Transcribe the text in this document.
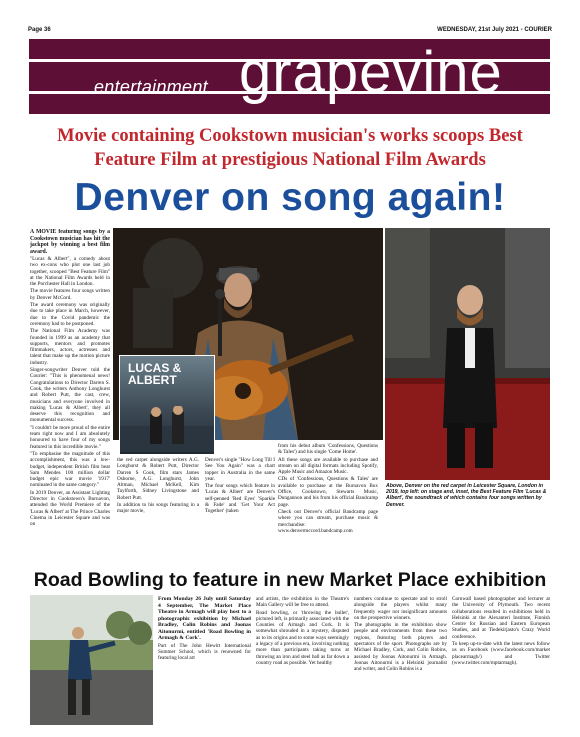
Page 36	WEDNESDAY, 21st July 2021 - COURIER
entertainment grapevine
Movie containing Cookstown musician's works scoops Best Feature Film at prestigious National Film Awards
Denver on song again!

A MOVIE featuring songs by a Cookstown musician has hit the jackpot by winning a best film award.

"Lucas & Albert", a comedy about two ex-cons who plot one last job together, scooped "Best Feature Film" at the National Film Awards held in the Porchester Hall in London.

The movie features four songs written by Denver McCord.

The award ceremony was originally due to take place in March, however, due to the Covid pandemic the ceremony had to be postponed.

The National Film Academy was founded in 1999 as an academy that supports, mentors and promotes filmmakers, actors, actresses and talent that make up the motion picture industry.

Singer-songwriter Denver told the Courier: "This is phenomenal news! Congratulations to Director Darren S. Cook, the writers Anthony Longhurst and Robert Putt, the cast, crew, musicians and everyone involved in making 'Lucas & Albert', they all deserve this recognition and monumental success.

"I couldn't be more proud of the entire team right now and I am absolutely honoured to have four of my songs featured in this incredible movie."

"To emphasise the magnitude of this accomplishment, this was a low-budget, independent British film beat Sam Mendes 100 million dollar budget epic war movie '1917' nominated in the same category."

In 2019 Denver, an Assistant Lighting Director in Cookstown's Burnavon, attended the World Premiere of the 'Lucas & Albert' at The Prince Charles Cinema in Leicester Square and was on

LUCAS & ALBERT

the red carpet alongside writers A.G. Longhurst & Robert Putt, Director Darren S Cook, film stars James Osborne, A.G. Longhurst, John Altman, Michael McKell, Kim Taylforth, Sidney Livingstone and Robert Putt.

In addition to his songs featuring in a major movie,

Denver's single "How Long Till I See You Again" was a chart topper in Australia in the same year.

The four songs which feature in 'Lucas & Albert' are Denver's self-penned 'Red Eyes' 'Sparkle & Fade' and 'Get Your Act Together' (taken

from his debut album 'Confessions, Questions & Tales') and his single 'Come Home'.

All these songs are available to purchase and stream on all digital formats including Spotify, Apple Music and Amazon Music.

CDs of 'Confessions, Questions & Tales' are available to purchase at the Burnavon Box Office, Cookstown, Stewarts Music, Dungannon and his from his official Bandcamp page.

Check out Denver's official Bandcamp page where you can stream, purchase music & merchandise: www.denvermccord.bandcamp.com

Above, Denver on the red carpet in Leicester Square, London in 2019, top left: on stage and, inset, the Best Feature Film 'Lucas & Albert', the soundtrack of which contains four songs written by Denver.
Road Bowling to feature in new Market Place exhibition

From Monday 26 July until Saturday 4 September, The Market Place Theatre in Armagh will play host to a photographic exhibition by Michael Bradley, Colin Robins and Joonas Aitonurmi, entitled 'Road Bowling in Armagh & Cork'.

Part of The John Hewitt International Summer School, which is renowned for featuring local art

and artists, the exhibition in the Theatre's Main Gallery will be free to attend.

Road bowling, or 'throwing the bullet', pictured left, is primarily associated with the Counties of Armagh and Cork. It is somewhat shrouded in a mystery, disputed as to its origins and to some ways seemingly a legacy of a previous era, involving nothing more than participants taking turns at throwing an iron and steel ball as far down a country road as possible. Yet healthy

numbers continue to spectate and to stroll alongside the players whilst many frequently wager not insignificant amounts on the prospective winners.

The photographs in the exhibition show people and environments from these two regions, featuring both players and spectators of the sport. Photographs are by Michael Bradley, Cork, and Colin Robins, assisted by Joonas Aitonurmi in Armagh. Joonas Aitonurmi is a Helsinki journalist and writer, and Colin Robins is a

Cornwall based photographer and lecturer at the University of Plymouth. Two recent collaborations resulted in exhibitions held in Helsinki at the Alexanteri Institute, Finnish Centre for Russian and Eastern European Studies, and at Tiedekirjasto's Crazy World conference.

To keep up-to-date with the latest news follow us on Facebook (www.facebook.com/market placearmagh/) and Twitter (www.twitter.com/mptarmagh).
